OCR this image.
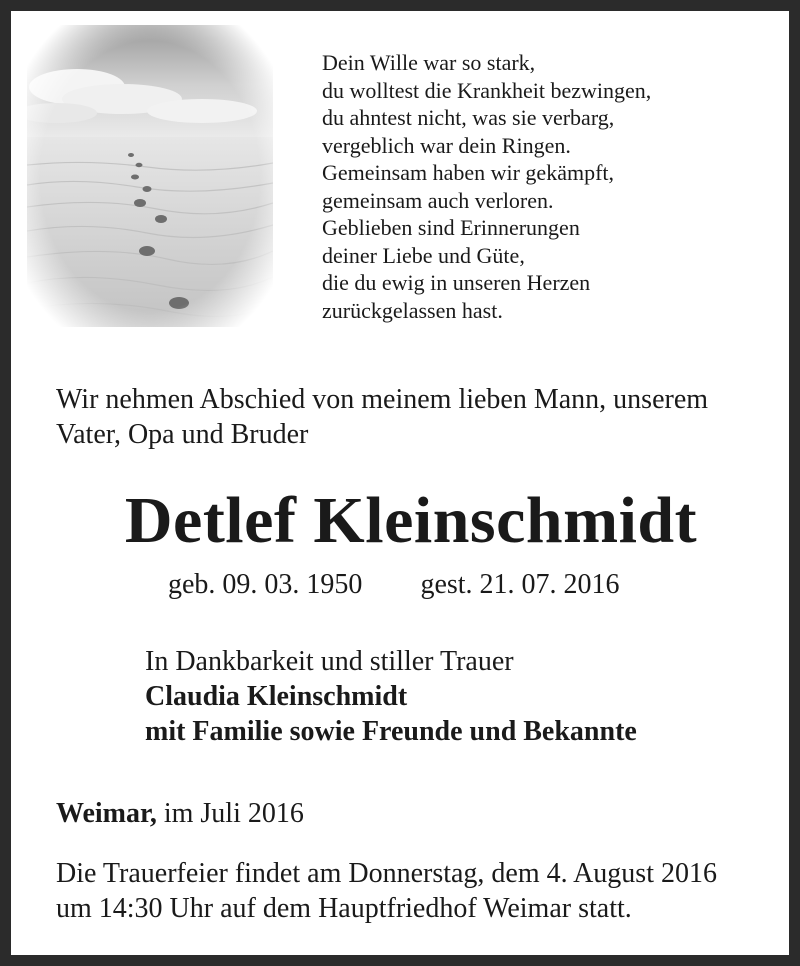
Dein Wille war so stark,
du wolltest die Krankheit bezwingen,
du ahntest nicht, was sie verbarg,
vergeblich war dein Ringen.
Gemeinsam haben wir gekämpft,
gemeinsam auch verloren.
Geblieben sind Erinnerungen
deiner Liebe und Güte,
die du ewig in unseren Herzen
zurückgelassen hast.
Wir nehmen Abschied von meinem lieben Mann, unserem
Vater, Opa und Bruder
Detlef Kleinschmidt
geb. 09. 03. 1950 gest. 21. 07. 2016
In Dankbarkeit und stiller Trauer
Claudia Kleinschmidt
mit Familie sowie Freunde und Bekannte
Weimar, im Juli 2016
Die Trauerfeier findet am Donnerstag, dem 4. August 2016
um 14:30 Uhr auf dem Hauptfriedhof Weimar statt.
